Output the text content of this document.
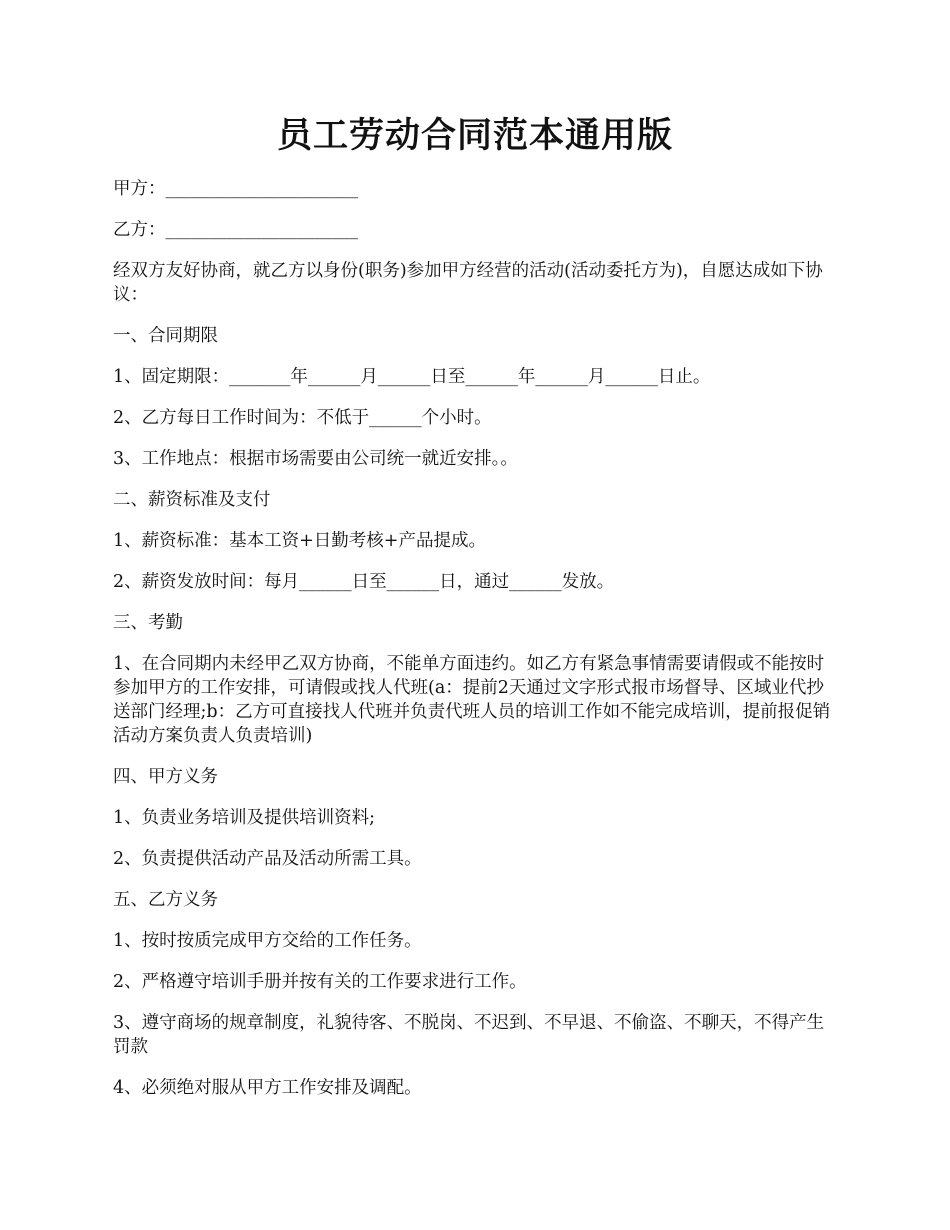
员工劳动合同范本通用版

甲方：______________________

乙方：______________________

经双方友好协商，就乙方以身份(职务)参加甲方经营的活动(活动委托方为)，自愿达成如下协议：

一、合同期限

1、固定期限：_______年______月______日至______年______月______日止。

2、乙方每日工作时间为：不低于______个小时。

3、工作地点：根据市场需要由公司统一就近安排。。

二、薪资标准及支付

1、薪资标准：基本工资+日勤考核+产品提成。

2、薪资发放时间：每月______日至______日，通过______发放。

三、考勤

1、在合同期内未经甲乙双方协商，不能单方面违约。如乙方有紧急事情需要请假或不能按时参加甲方的工作安排，可请假或找人代班(a：提前2天通过文字形式报市场督导、区域业代抄送部门经理;b：乙方可直接找人代班并负责代班人员的培训工作如不能完成培训，提前报促销活动方案负责人负责培训)

四、甲方义务

1、负责业务培训及提供培训资料;

2、负责提供活动产品及活动所需工具。

五、乙方义务

1、按时按质完成甲方交给的工作任务。

2、严格遵守培训手册并按有关的工作要求进行工作。

3、遵守商场的规章制度，礼貌待客、不脱岗、不迟到、不早退、不偷盗、不聊天，不得产生罚款

4、必须绝对服从甲方工作安排及调配。
